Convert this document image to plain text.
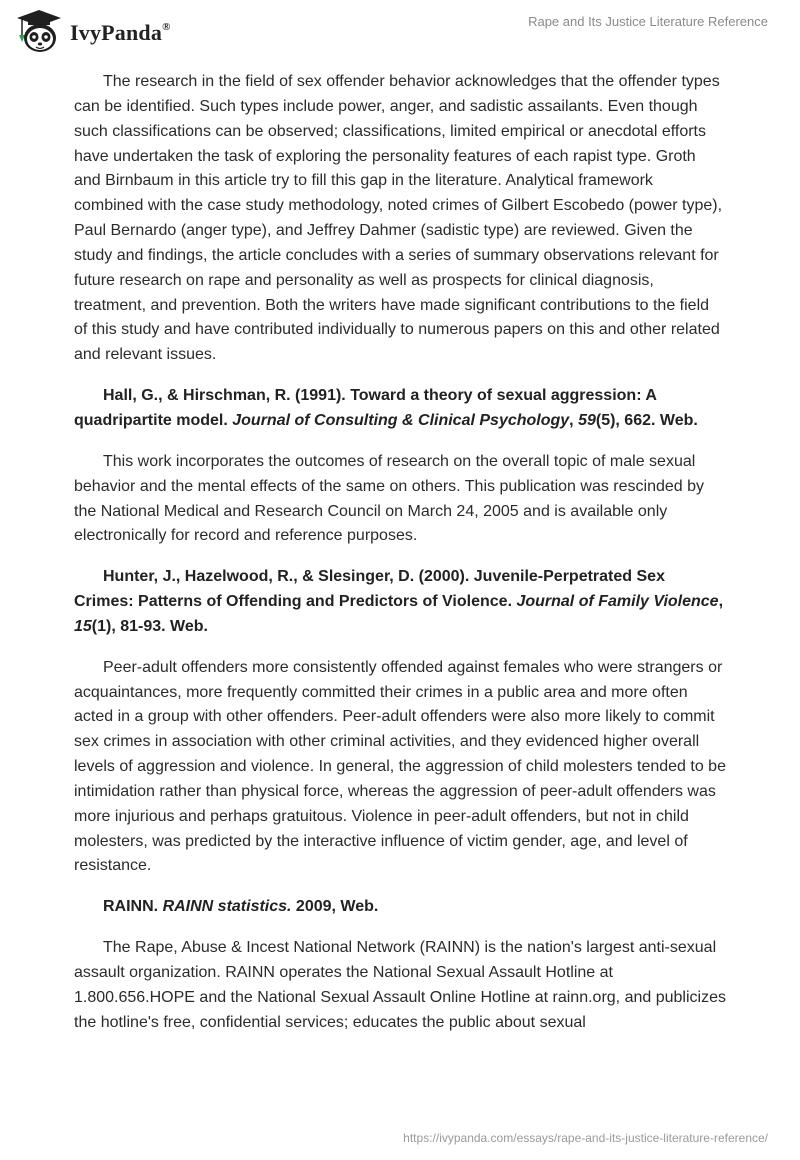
IvyPanda®	Rape and Its Justice Literature Reference

The research in the field of sex offender behavior acknowledges that the offender types can be identified. Such types include power, anger, and sadistic assailants. Even though such classifications can be observed; classifications, limited empirical or anecdotal efforts have undertaken the task of exploring the personality features of each rapist type. Groth and Birnbaum in this article try to fill this gap in the literature. Analytical framework combined with the case study methodology, noted crimes of Gilbert Escobedo (power type), Paul Bernardo (anger type), and Jeffrey Dahmer (sadistic type) are reviewed. Given the study and findings, the article concludes with a series of summary observations relevant for future research on rape and personality as well as prospects for clinical diagnosis, treatment, and prevention. Both the writers have made significant contributions to the field of this study and have contributed individually to numerous papers on this and other related and relevant issues.

Hall, G., & Hirschman, R. (1991). Toward a theory of sexual aggression: A quadripartite model. Journal of Consulting & Clinical Psychology, 59(5), 662. Web.

This work incorporates the outcomes of research on the overall topic of male sexual behavior and the mental effects of the same on others. This publication was rescinded by the National Medical and Research Council on March 24, 2005 and is available only electronically for record and reference purposes.

Hunter, J., Hazelwood, R., & Slesinger, D. (2000). Juvenile-Perpetrated Sex Crimes: Patterns of Offending and Predictors of Violence. Journal of Family Violence, 15(1), 81-93. Web.

Peer-adult offenders more consistently offended against females who were strangers or acquaintances, more frequently committed their crimes in a public area and more often acted in a group with other offenders. Peer-adult offenders were also more likely to commit sex crimes in association with other criminal activities, and they evidenced higher overall levels of aggression and violence. In general, the aggression of child molesters tended to be intimidation rather than physical force, whereas the aggression of peer-adult offenders was more injurious and perhaps gratuitous. Violence in peer-adult offenders, but not in child molesters, was predicted by the interactive influence of victim gender, age, and level of resistance.

RAINN. RAINN statistics. 2009, Web.

The Rape, Abuse & Incest National Network (RAINN) is the nation's largest anti-sexual assault organization. RAINN operates the National Sexual Assault Hotline at 1.800.656.HOPE and the National Sexual Assault Online Hotline at rainn.org, and publicizes the hotline's free, confidential services; educates the public about sexual

https://ivypanda.com/essays/rape-and-its-justice-literature-reference/
